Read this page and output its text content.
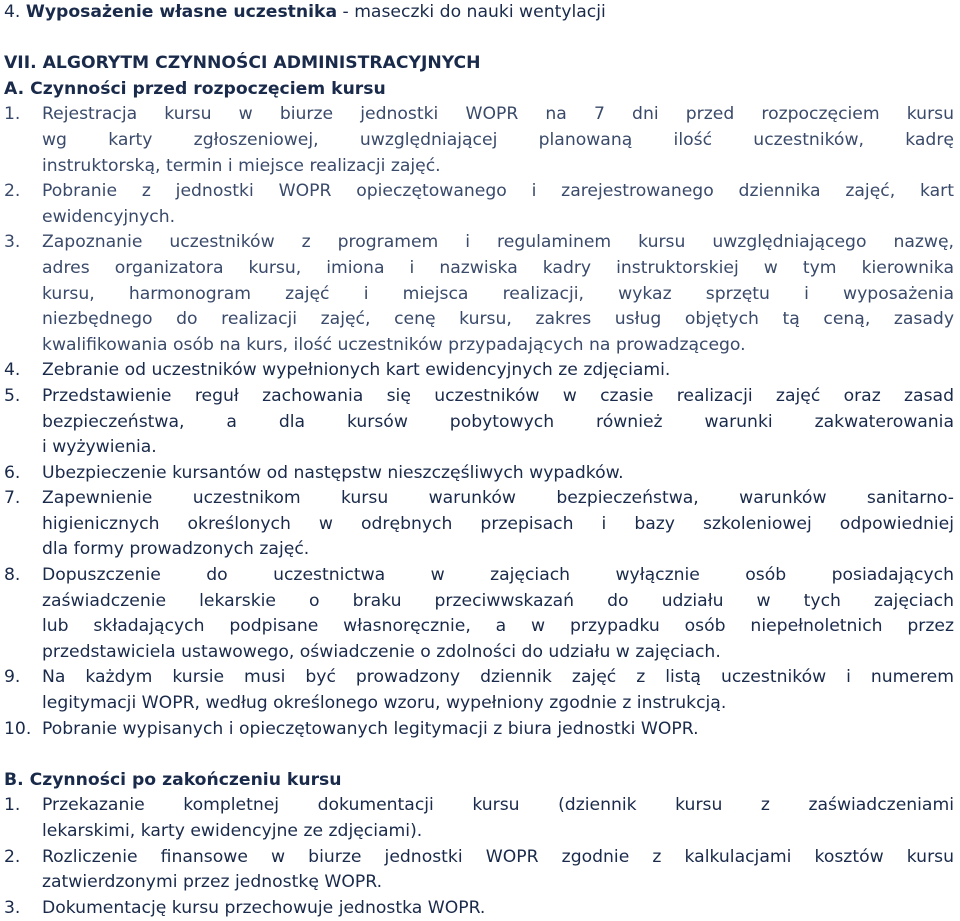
4. Wyposażenie własne uczestnika - maseczki do nauki wentylacji
VII. ALGORYTM CZYNNOŚCI ADMINISTRACYJNYCH
A. Czynności przed rozpoczęciem kursu
1.	Rejestracja kursu w biurze jednostki WOPR na 7 dni przed rozpoczęciem kursu
wg karty zgłoszeniowej, uwzględniającej planowaną ilość uczestników, kadrę
instruktorską, termin i miejsce realizacji zajęć.
2.	Pobranie z jednostki WOPR opieczętowanego i zarejestrowanego dziennika zajęć, kart
ewidencyjnych.
3.	Zapoznanie uczestników z programem i regulaminem kursu uwzględniającego nazwę,
adres organizatora kursu, imiona i nazwiska kadry instruktorskiej w tym kierownika
kursu, harmonogram zajęć i miejsca realizacji, wykaz sprzętu i wyposażenia
niezbędnego do realizacji zajęć, cenę kursu, zakres usług objętych tą ceną, zasady
kwalifikowania osób na kurs, ilość uczestników przypadających na prowadzącego.
4.	Zebranie od uczestników wypełnionych kart ewidencyjnych ze zdjęciami.
5.	Przedstawienie reguł zachowania się uczestników w czasie realizacji zajęć oraz zasad
bezpieczeństwa, a dla kursów pobytowych również warunki zakwaterowania
i wyżywienia.
6.	Ubezpieczenie kursantów od następstw nieszczęśliwych wypadków.
7.	Zapewnienie uczestnikom kursu warunków bezpieczeństwa, warunków sanitarno-
higienicznych określonych w odrębnych przepisach i bazy szkoleniowej odpowiedniej
dla formy prowadzonych zajęć.
8.	Dopuszczenie do uczestnictwa w zajęciach wyłącznie osób posiadających
zaświadczenie lekarskie o braku przeciwwskazań do udziału w tych zajęciach
lub składających podpisane własnoręcznie, a w przypadku osób niepełnoletnich przez
przedstawiciela ustawowego, oświadczenie o zdolności do udziału w zajęciach.
9.	Na każdym kursie musi być prowadzony dziennik zajęć z listą uczestników i numerem
legitymacji WOPR, według określonego wzoru, wypełniony zgodnie z instrukcją.
10. Pobranie wypisanych i opieczętowanych legitymacji z biura jednostki WOPR.
B. Czynności po zakończeniu kursu
1.	Przekazanie kompletnej dokumentacji kursu (dziennik kursu z zaświadczeniami
lekarskimi, karty ewidencyjne ze zdjęciami).
2.	Rozliczenie finansowe w biurze jednostki WOPR zgodnie z kalkulacjami kosztów kursu
zatwierdzonymi przez jednostkę WOPR.
3.	Dokumentację kursu przechowuje jednostka WOPR.
